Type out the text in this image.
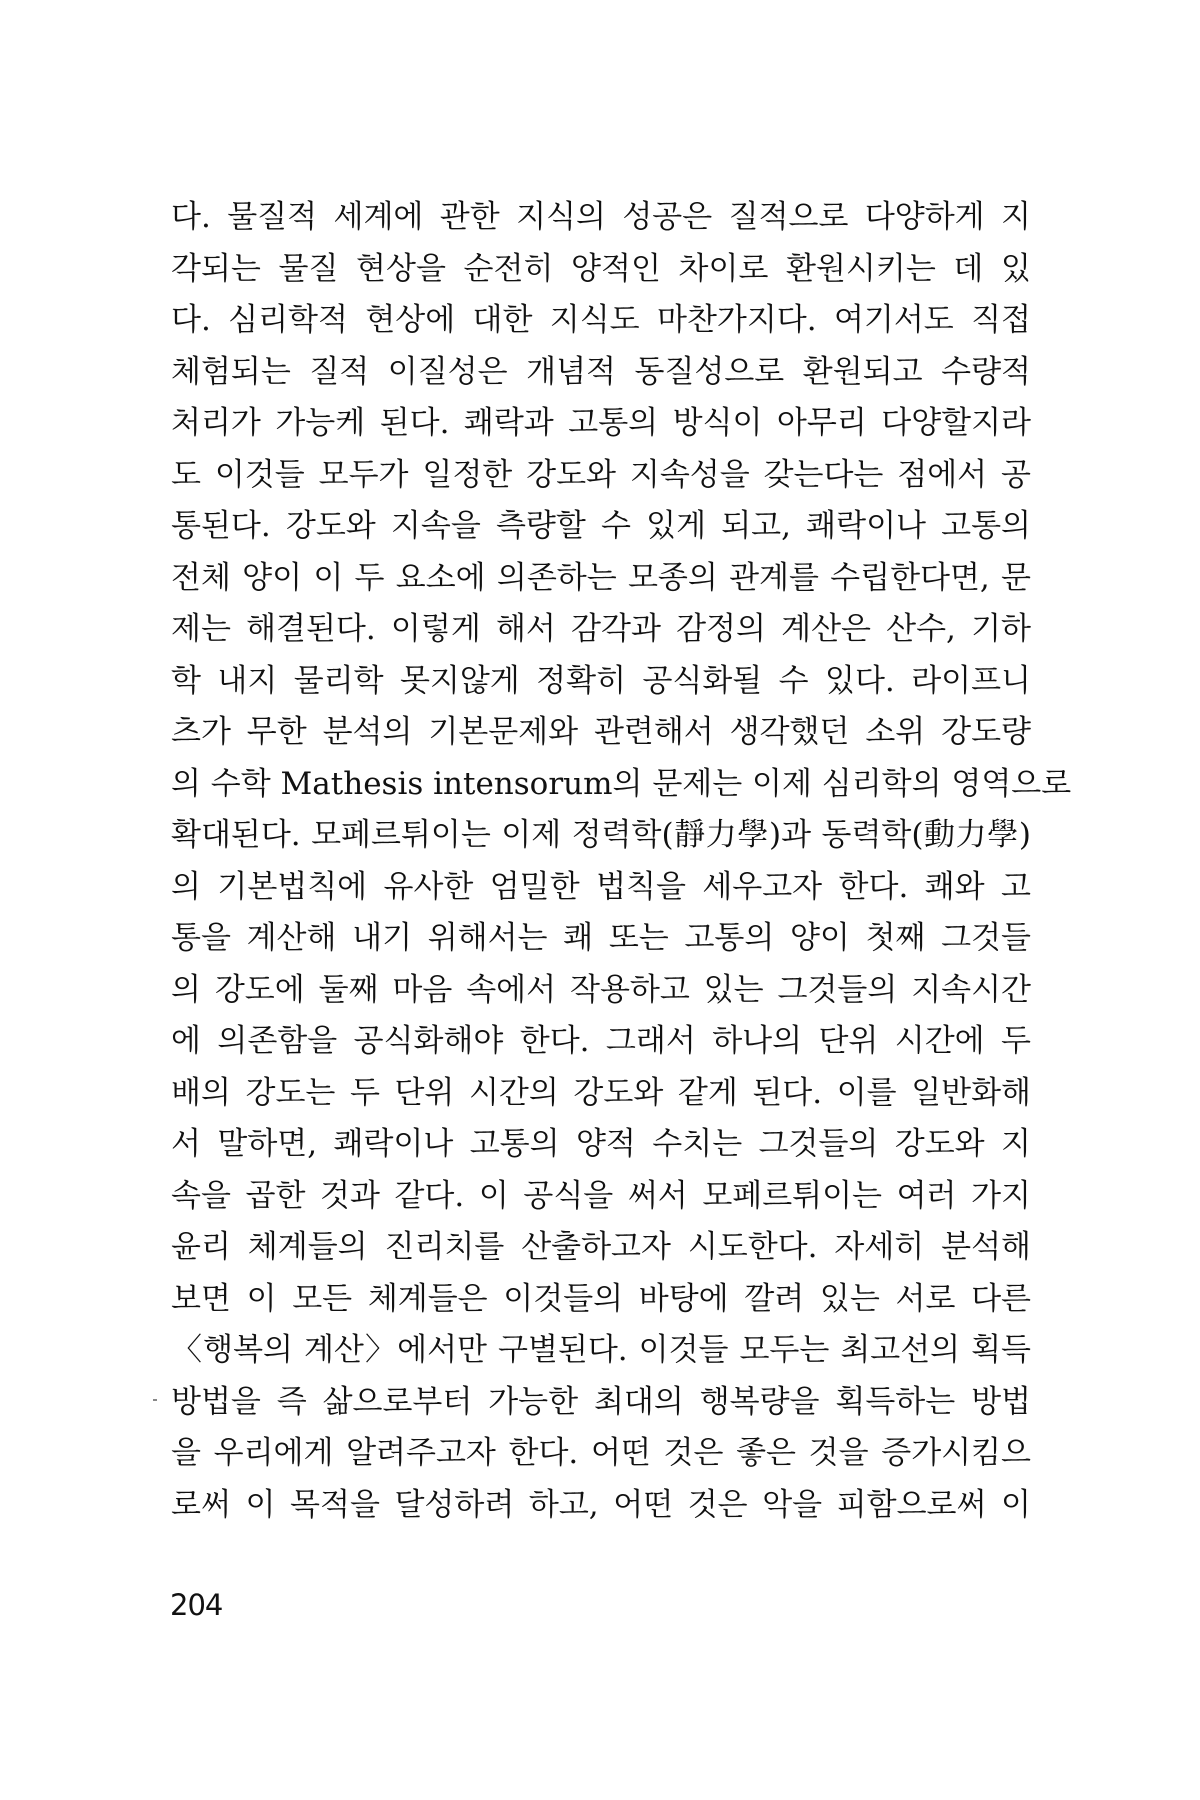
다. 물질적 세계에 관한 지식의 성공은 질적으로 다양하게 지
각되는 물질 현상을 순전히 양적인 차이로 환원시키는 데 있
다. 심리학적 현상에 대한 지식도 마찬가지다. 여기서도 직접
체험되는 질적 이질성은 개념적 동질성으로 환원되고 수량적
처리가 가능케 된다. 쾌락과 고통의 방식이 아무리 다양할지라
도 이것들 모두가 일정한 강도와 지속성을 갖는다는 점에서 공
통된다. 강도와 지속을 측량할 수 있게 되고, 쾌락이나 고통의
전체 양이 이 두 요소에 의존하는 모종의 관계를 수립한다면, 문
제는 해결된다. 이렇게 해서 감각과 감정의 계산은 산수, 기하
학 내지 물리학 못지않게 정확히 공식화될 수 있다. 라이프니
츠가 무한 분석의 기본문제와 관련해서 생각했던 소위 강도량
의 수학 Mathesis intensorum의 문제는 이제 심리학의 영역으로
확대된다. 모페르튀이는 이제 정력학(靜力學)과 동력학(動力學)
의 기본법칙에 유사한 엄밀한 법칙을 세우고자 한다. 쾌와 고
통을 계산해 내기 위해서는 쾌 또는 고통의 양이 첫째 그것들
의 강도에 둘째 마음 속에서 작용하고 있는 그것들의 지속시간
에 의존함을 공식화해야 한다. 그래서 하나의 단위 시간에 두
배의 강도는 두 단위 시간의 강도와 같게 된다. 이를 일반화해
서 말하면, 쾌락이나 고통의 양적 수치는 그것들의 강도와 지
속을 곱한 것과 같다. 이 공식을 써서 모페르튀이는 여러 가지
윤리 체계들의 진리치를 산출하고자 시도한다. 자세히 분석해
보면 이 모든 체계들은 이것들의 바탕에 깔려 있는 서로 다른
〈행복의 계산〉에서만 구별된다. 이것들 모두는 최고선의 획득
방법을 즉 삶으로부터 가능한 최대의 행복량을 획득하는 방법
을 우리에게 알려주고자 한다. 어떤 것은 좋은 것을 증가시킴으
로써 이 목적을 달성하려 하고, 어떤 것은 악을 피함으로써 이
204
